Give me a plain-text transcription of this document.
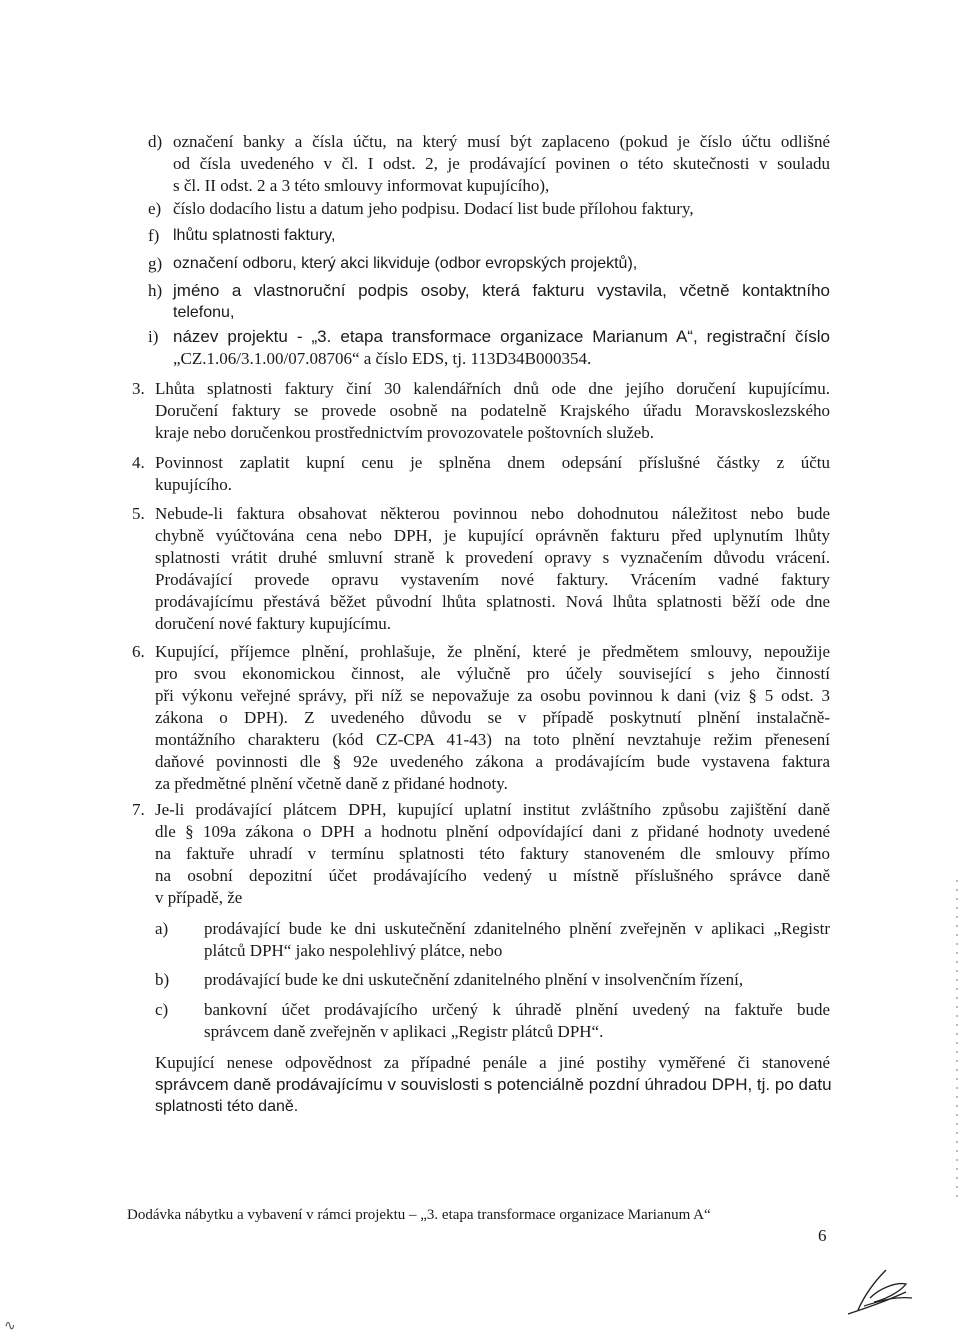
d) označení banky a čísla účtu, na který musí být zaplaceno (pokud je číslo účtu odlišné
od čísla uvedeného v čl. I odst. 2, je prodávající povinen o této skutečnosti v souladu
s čl. II odst. 2 a 3 této smlouvy informovat kupujícího),
e) číslo dodacího listu a datum jeho podpisu. Dodací list bude přílohou faktury,
f) lhůtu splatnosti faktury,
g) označení odboru, který akci likviduje (odbor evropských projektů),
h) jméno a vlastnoruční podpis osoby, která fakturu vystavila, včetně kontaktního
telefonu,
i) název projektu - „3. etapa transformace organizace Marianum A“, registrační číslo
„CZ.1.06/3.1.00/07.08706“ a číslo EDS, tj. 113D34B000354.
3. Lhůta splatnosti faktury činí 30 kalendářních dnů ode dne jejího doručení kupujícímu.
Doručení faktury se provede osobně na podatelně Krajského úřadu Moravskoslezského
kraje nebo doručenkou prostřednictvím provozovatele poštovních služeb.
4. Povinnost zaplatit kupní cenu je splněna dnem odepsání příslušné částky z účtu
kupujícího.
5. Nebude-li faktura obsahovat některou povinnou nebo dohodnutou náležitost nebo bude
chybně vyúčtována cena nebo DPH, je kupující oprávněn fakturu před uplynutím lhůty
splatnosti vrátit druhé smluvní straně k provedení opravy s vyznačením důvodu vrácení.
Prodávající provede opravu vystavením nové faktury. Vrácením vadné faktury
prodávajícímu přestává běžet původní lhůta splatnosti. Nová lhůta splatnosti běží ode dne
doručení nové faktury kupujícímu.
6. Kupující, příjemce plnění, prohlašuje, že plnění, které je předmětem smlouvy, nepoužije
pro svou ekonomickou činnost, ale výlučně pro účely související s jeho činností
při výkonu veřejné správy, při níž se nepovažuje za osobu povinnou k dani (viz § 5 odst. 3
zákona o DPH). Z uvedeného důvodu se v případě poskytnutí plnění instalačně-
montážního charakteru (kód CZ-CPA 41-43) na toto plnění nevztahuje režim přenesení
daňové povinnosti dle § 92e uvedeného zákona a prodávajícím bude vystavena faktura
za předmětné plnění včetně daně z přidané hodnoty.
7. Je-li prodávající plátcem DPH, kupující uplatní institut zvláštního způsobu zajištění daně
dle § 109a zákona o DPH a hodnotu plnění odpovídající dani z přidané hodnoty uvedené
na faktuře uhradí v termínu splatnosti této faktury stanoveném dle smlouvy přímo
na osobní depozitní účet prodávajícího vedený u místně příslušného správce daně
v případě, že
a) prodávající bude ke dni uskutečnění zdanitelného plnění zveřejněn v aplikaci „Registr
plátců DPH“ jako nespolehlivý plátce, nebo
b) prodávající bude ke dni uskutečnění zdanitelného plnění v insolvenčním řízení,
c) bankovní účet prodávajícího určený k úhradě plnění uvedený na faktuře bude
správcem daně zveřejněn v aplikaci „Registr plátců DPH“.
Kupující nenese odpovědnost za případné penále a jiné postihy vyměřené či stanovené
správcem daně prodávajícímu v souvislosti s potenciálně pozdní úhradou DPH, tj. po datu
splatnosti této daně.
Dodávka nábytku a vybavení v rámci projektu – „3. etapa transformace organizace Marianum A“
6
∿
